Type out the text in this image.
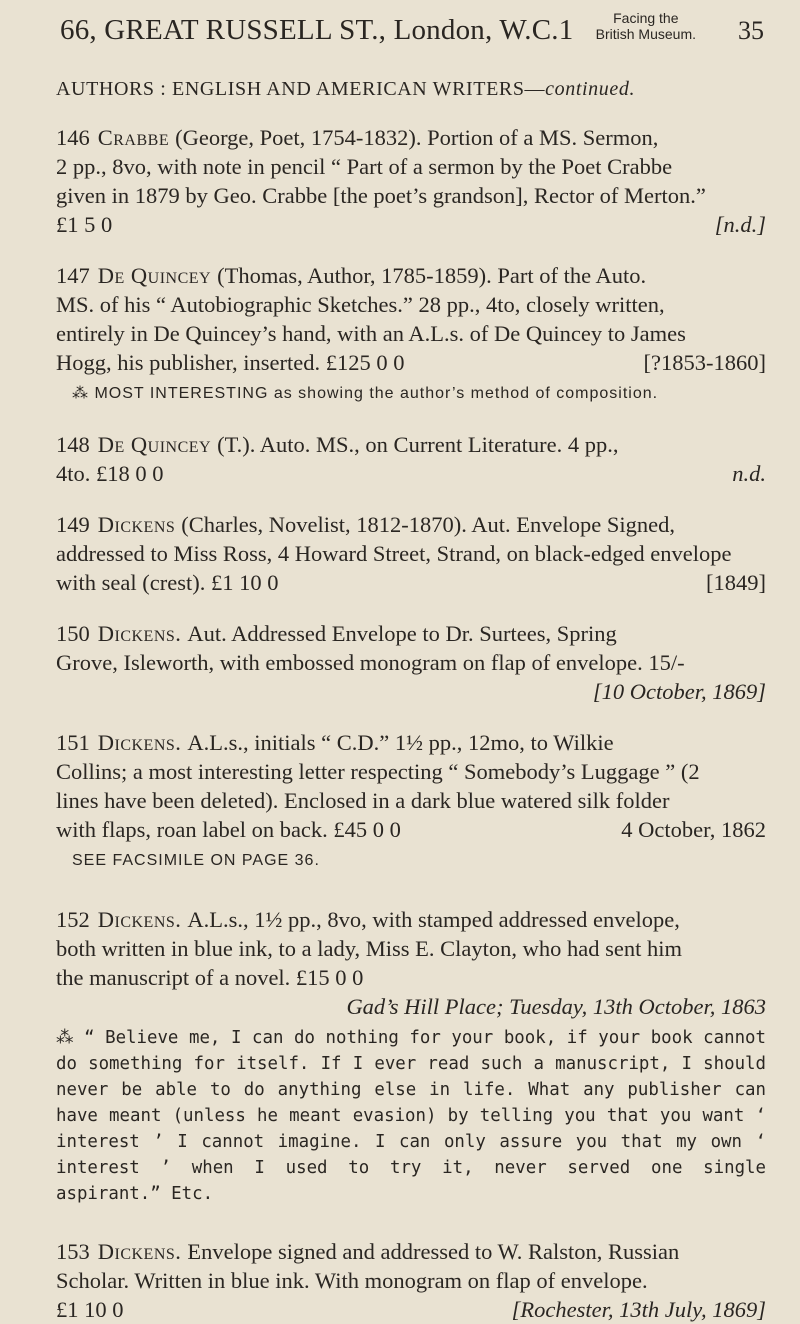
66, GREAT RUSSELL ST., London, W.C.1	Facing the
British Museum. 35
AUTHORS : ENGLISH AND AMERICAN WRITERS—continued.
146 Crabbe (George, Poet, 1754-1832). Portion of a MS. Sermon,
2 pp., 8vo, with note in pencil “ Part of a sermon by the Poet Crabbe
given in 1879 by Geo. Crabbe [the poet’s grandson], Rector of Merton.”
£1 5 0	[n.d.]
147 De Quincey (Thomas, Author, 1785-1859). Part of the Auto.
MS. of his “ Autobiographic Sketches.” 28 pp., 4to, closely written,
entirely in De Quincey’s hand, with an A.L.s. of De Quincey to James
Hogg, his publisher, inserted. £125 0 0	[?1853-1860]
⁂ MOST INTERESTING as showing the author’s method of composition.
148 De Quincey (T.). Auto. MS., on Current Literature. 4 pp.,
4to. £18 0 0	n.d.
149 Dickens (Charles, Novelist, 1812-1870). Aut. Envelope Signed,
addressed to Miss Ross, 4 Howard Street, Strand, on black-edged envelope
with seal (crest). £1 10 0	[1849]
150 Dickens. Aut. Addressed Envelope to Dr. Surtees, Spring
Grove, Isleworth, with embossed monogram on flap of envelope. 15/-
[10 October, 1869]
151 Dickens. A.L.s., initials “ C.D.” 1½ pp., 12mo, to Wilkie
Collins; a most interesting letter respecting “ Somebody’s Luggage ” (2
lines have been deleted). Enclosed in a dark blue watered silk folder
with flaps, roan label on back. £45 0 0	4 October, 1862
SEE FACSIMILE ON PAGE 36.
152 Dickens. A.L.s., 1½ pp., 8vo, with stamped addressed envelope,
both written in blue ink, to a lady, Miss E. Clayton, who had sent him
the manuscript of a novel. £15 0 0
Gad’s Hill Place; Tuesday, 13th October, 1863
⁂ “ Believe me, I can do nothing for your book, if your book cannot do something for itself. If I ever read such a manuscript, I should never be able to do anything else in life. What any publisher can have meant (unless he meant evasion) by telling you that you want ‘ interest ’ I cannot imagine. I can only assure you that my own ‘ interest ’ when I used to try it, never served one single aspirant.” Etc.
153 Dickens. Envelope signed and addressed to W. Ralston, Russian
Scholar. Written in blue ink. With monogram on flap of envelope.
£1 10 0	[Rochester, 13th July, 1869]
